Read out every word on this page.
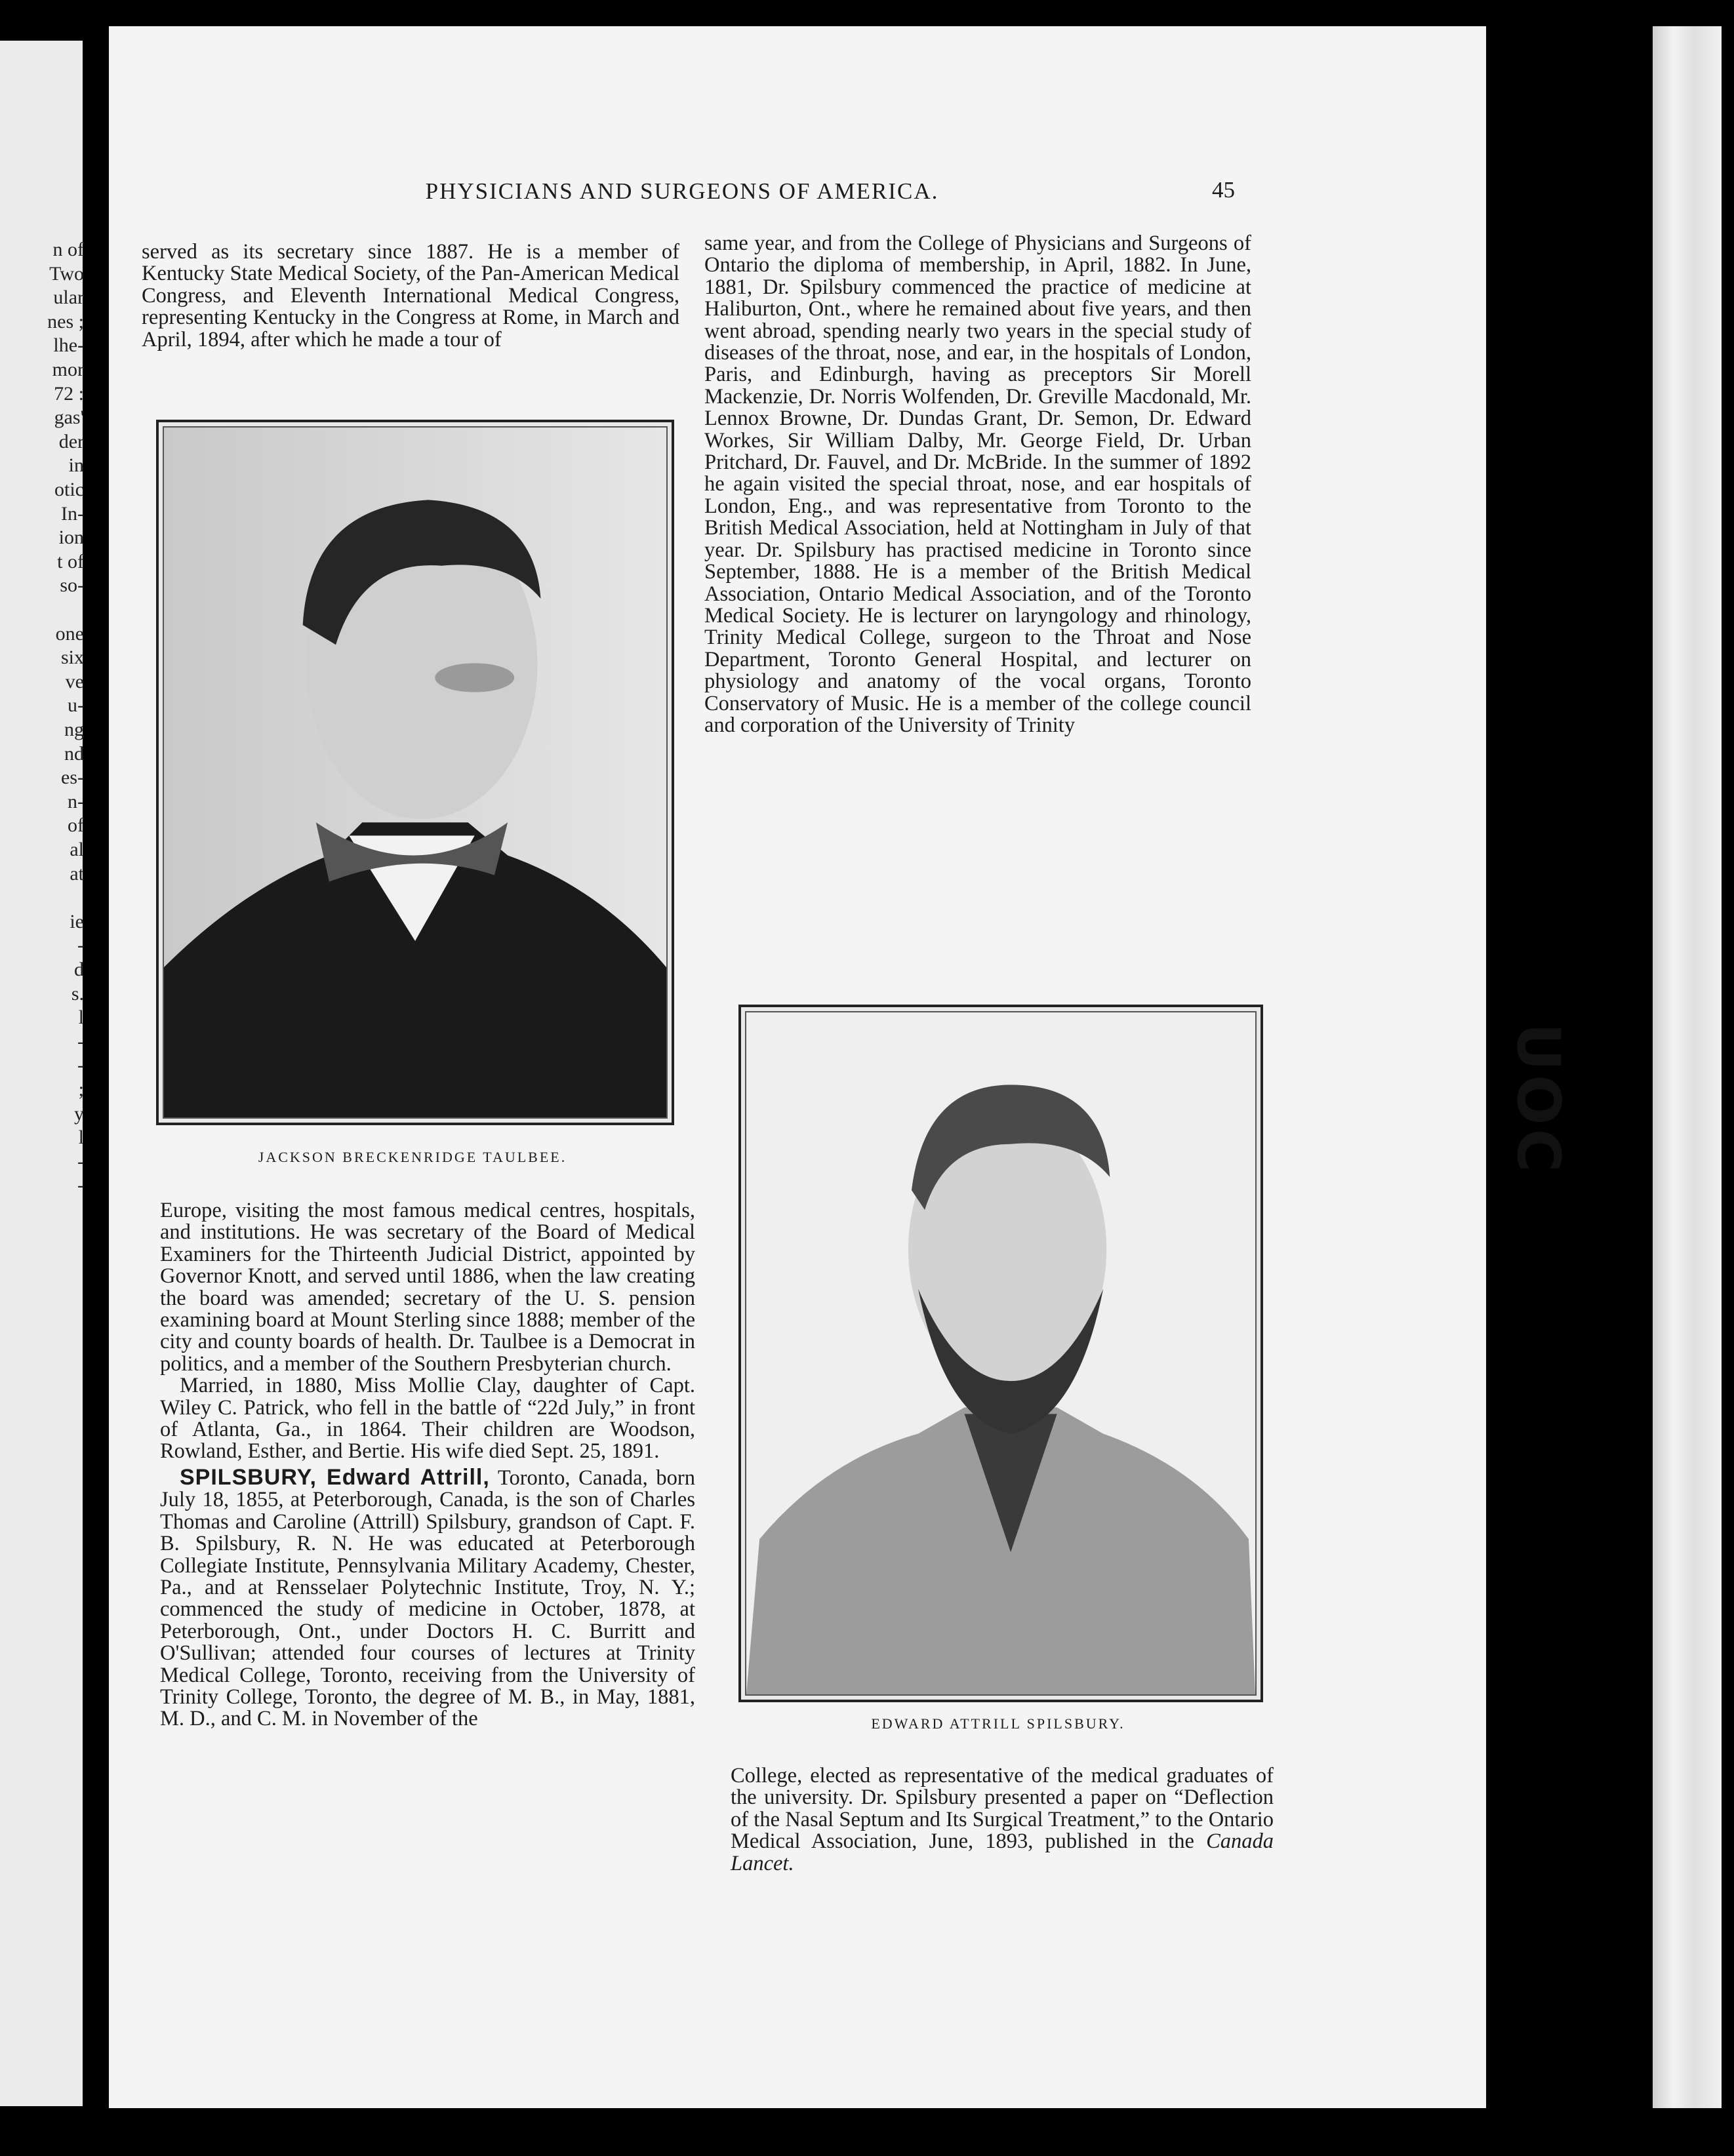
n of
Two
ular
nes ;
lhe-
mor
72 :
gas'
der
in
otic
In-
ion
t of
so-
one
six
ve
u-
ng
nd
es-
n-
of
al
at
ie
-
d
s.
l
-
-
;
y
l
-
-
UOC
PHYSICIANS AND SURGEONS OF AMERICA.	45

served as its secretary since 1887. He is a member of Kentucky State Medical Society, of the Pan-American Medical Congress, and Eleventh International Medical Congress, representing Kentucky in the Congress at Rome, in March and April, 1894, after which he made a tour of

JACKSON BRECKENRIDGE TAULBEE.

Europe, visiting the most famous medical centres, hospitals, and institutions. He was secretary of the Board of Medical Examiners for the Thirteenth Judicial District, appointed by Governor Knott, and served until 1886, when the law creating the board was amended; secretary of the U. S. pension examining board at Mount Sterling since 1888; member of the city and county boards of health. Dr. Taulbee is a Democrat in politics, and a member of the Southern Presbyterian church.

Married, in 1880, Miss Mollie Clay, daughter of Capt. Wiley C. Patrick, who fell in the battle of “22d July,” in front of Atlanta, Ga., in 1864. Their children are Woodson, Rowland, Esther, and Bertie. His wife died Sept. 25, 1891.

SPILSBURY, Edward Attrill, Toronto, Canada, born July 18, 1855, at Peterborough, Canada, is the son of Charles Thomas and Caroline (Attrill) Spilsbury, grandson of Capt. F. B. Spilsbury, R. N. He was educated at Peterborough Collegiate Institute, Pennsylvania Military Academy, Chester, Pa., and at Rensselaer Polytechnic Institute, Troy, N. Y.; commenced the study of medicine in October, 1878, at Peterborough, Ont., under Doctors H. C. Burritt and O'Sullivan; attended four courses of lectures at Trinity Medical College, Toronto, receiving from the University of Trinity College, Toronto, the degree of M. B., in May, 1881, M. D., and C. M. in November of the

same year, and from the College of Physicians and Surgeons of Ontario the diploma of membership, in April, 1882. In June, 1881, Dr. Spilsbury commenced the practice of medicine at Haliburton, Ont., where he remained about five years, and then went abroad, spending nearly two years in the special study of diseases of the throat, nose, and ear, in the hospitals of London, Paris, and Edinburgh, having as preceptors Sir Morell Mackenzie, Dr. Norris Wolfenden, Dr. Greville Macdonald, Mr. Lennox Browne, Dr. Dundas Grant, Dr. Semon, Dr. Edward Workes, Sir William Dalby, Mr. George Field, Dr. Urban Pritchard, Dr. Fauvel, and Dr. McBride. In the summer of 1892 he again visited the special throat, nose, and ear hospitals of London, Eng., and was representative from Toronto to the British Medical Association, held at Nottingham in July of that year. Dr. Spilsbury has practised medicine in Toronto since September, 1888. He is a member of the British Medical Association, Ontario Medical Association, and of the Toronto Medical Society. He is lecturer on laryngology and rhinology, Trinity Medical College, surgeon to the Throat and Nose Department, Toronto General Hospital, and lecturer on physiology and anatomy of the vocal organs, Toronto Conservatory of Music. He is a member of the college council and corporation of the University of Trinity

EDWARD ATTRILL SPILSBURY.

College, elected as representative of the medical graduates of the university. Dr. Spilsbury presented a paper on “Deflection of the Nasal Septum and Its Surgical Treatment,” to the Ontario Medical Association, June, 1893, published in the Canada Lancet.
